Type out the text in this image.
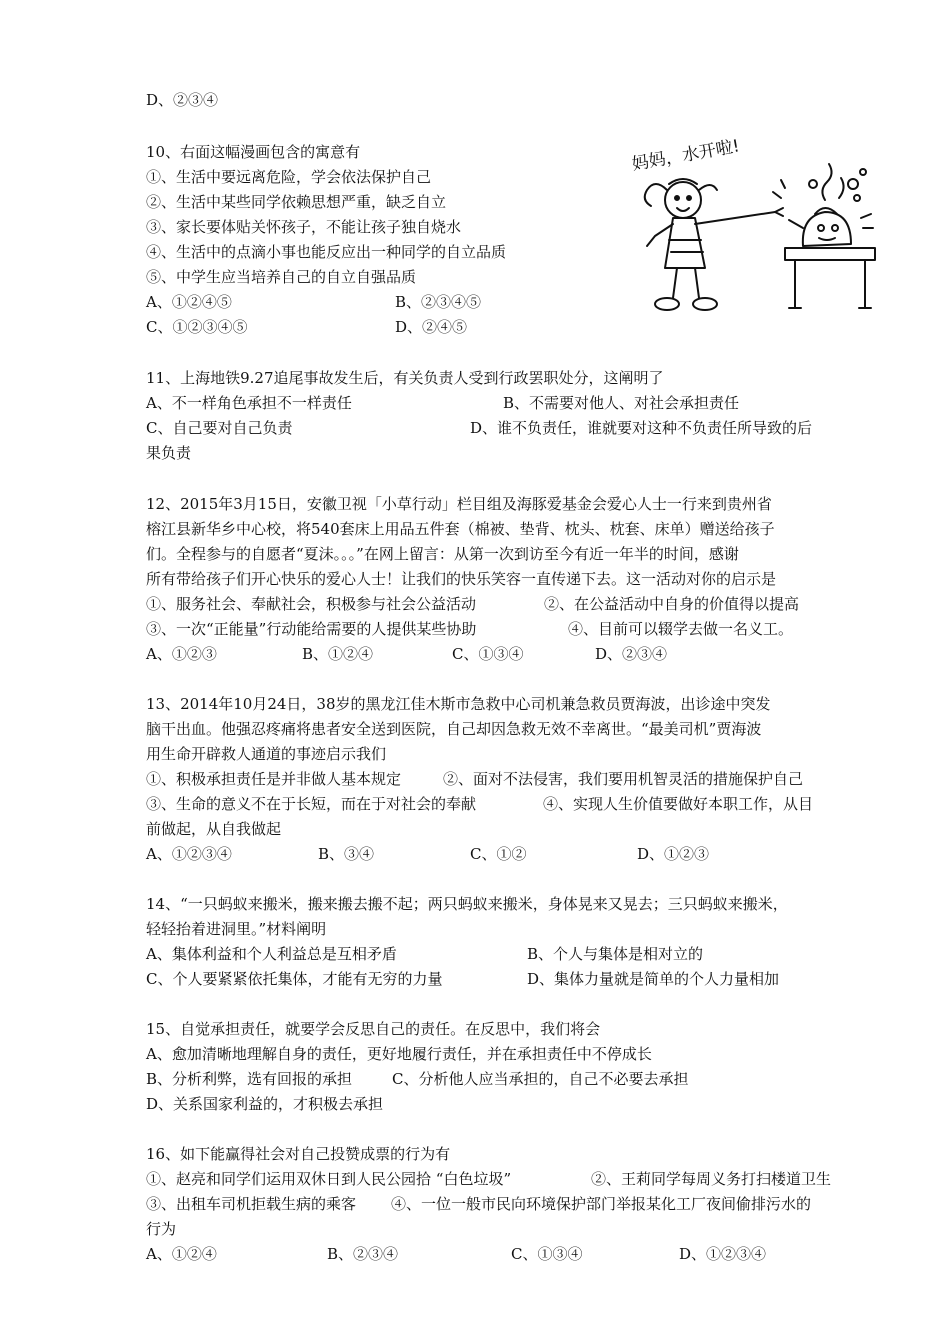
D、②③④
10、右面这幅漫画包含的寓意有
①、生活中要远离危险，学会依法保护自己
②、生活中某些同学依赖思想严重，缺乏自立
③、家长要体贴关怀孩子，不能让孩子独自烧水
④、生活中的点滴小事也能反应出一种同学的自立品质
⑤、中学生应当培养自己的自立自强品质
A、①②④⑤	B、②③④⑤
C、①②③④⑤	D、②④⑤
妈妈，水开啦!
11、上海地铁9.27追尾事故发生后，有关负责人受到行政罢职处分，这阐明了
A、不一样角色承担不一样责任	B、不需要对他人、对社会承担责任
C、自己要对自己负责	D、谁不负责任，谁就要对这种不负责任所导致的后
果负责
12、2015年3月15日，安徽卫视「小草行动」栏目组及海豚爱基金会爱心人士一行来到贵州省
榕江县新华乡中心校，将540套床上用品五件套（棉被、垫背、枕头、枕套、床单）赠送给孩子
们。全程参与的自愿者“夏沫。。。”在网上留言：从第一次到访至今有近一年半的时间，感谢
所有带给孩子们开心快乐的爱心人士！让我们的快乐笑容一直传递下去。这一活动对你的启示是
①、服务社会、奉献社会，积极参与社会公益活动	②、在公益活动中自身的价值得以提高
③、一次“正能量”行动能给需要的人提供某些协助	④、目前可以辍学去做一名义工。
A、①②③	B、①②④	C、①③④	D、②③④
13、2014年10月24日，38岁的黑龙江佳木斯市急救中心司机兼急救员贾海波，出诊途中突发
脑干出血。他强忍疼痛将患者安全送到医院，自己却因急救无效不幸离世。“最美司机”贾海波
用生命开辟救人通道的事迹启示我们
①、积极承担责任是并非做人基本规定	②、面对不法侵害，我们要用机智灵活的措施保护自己
③、生命的意义不在于长短，而在于对社会的奉献	④、实现人生价值要做好本职工作，从目
前做起，从自我做起
A、①②③④	B、③④	C、①②	D、①②③
14、“一只蚂蚁来搬米，搬来搬去搬不起；两只蚂蚁来搬米，身体晃来又晃去；三只蚂蚁来搬米，
轻轻抬着进洞里。”材料阐明
A、集体利益和个人利益总是互相矛盾	B、个人与集体是相对立的
C、个人要紧紧依托集体，才能有无穷的力量	D、集体力量就是简单的个人力量相加
15、自觉承担责任，就要学会反思自己的责任。在反思中，我们将会
A、愈加清晰地理解自身的责任，更好地履行责任，并在承担责任中不停成长
B、分析利弊，选有回报的承担	C、分析他人应当承担的，自己不必要去承担
D、关系国家利益的，才积极去承担
16、如下能赢得社会对自己投赞成票的行为有
①、赵亮和同学们运用双休日到人民公园拾 “白色垃圾”	②、王莉同学每周义务打扫楼道卫生
③、出租车司机拒载生病的乘客 ④、一位一般市民向环境保护部门举报某化工厂夜间偷排污水的
行为
A、①②④	B、②③④	C、①③④	D、①②③④
